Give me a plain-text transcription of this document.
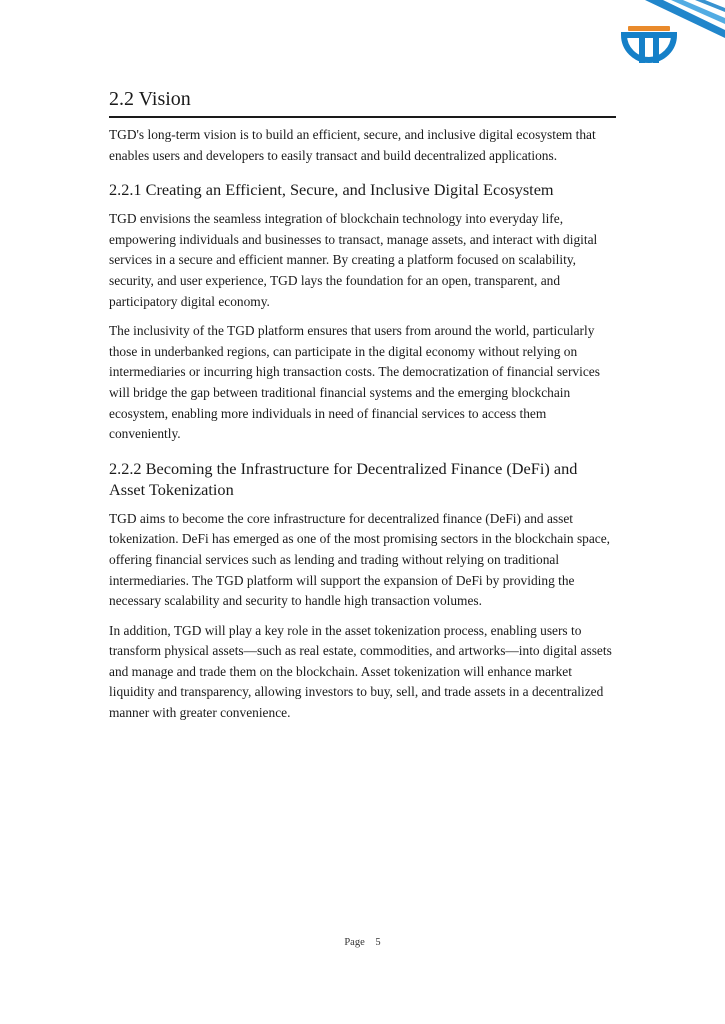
2.2 Vision

TGD's long-term vision is to build an efficient, secure, and inclusive digital ecosystem that enables users and developers to easily transact and build decentralized applications.

2.2.1 Creating an Efficient, Secure, and Inclusive Digital Ecosystem

TGD envisions the seamless integration of blockchain technology into everyday life, empowering individuals and businesses to transact, manage assets, and interact with digital services in a secure and efficient manner. By creating a platform focused on scalability, security, and user experience, TGD lays the foundation for an open, transparent, and participatory digital economy.

The inclusivity of the TGD platform ensures that users from around the world, particularly those in underbanked regions, can participate in the digital economy without relying on intermediaries or incurring high transaction costs. The democratization of financial services will bridge the gap between traditional financial systems and the emerging blockchain ecosystem, enabling more individuals in need of financial services to access them conveniently.

2.2.2 Becoming the Infrastructure for Decentralized Finance (DeFi) and Asset Tokenization

TGD aims to become the core infrastructure for decentralized finance (DeFi) and asset tokenization. DeFi has emerged as one of the most promising sectors in the blockchain space, offering financial services such as lending and trading without relying on traditional intermediaries. The TGD platform will support the expansion of DeFi by providing the necessary scalability and security to handle high transaction volumes.

In addition, TGD will play a key role in the asset tokenization process, enabling users to transform physical assets—such as real estate, commodities, and artworks—into digital assets and manage and trade them on the blockchain. Asset tokenization will enhance market liquidity and transparency, allowing investors to buy, sell, and trade assets in a decentralized manner with greater convenience.

Page 5
